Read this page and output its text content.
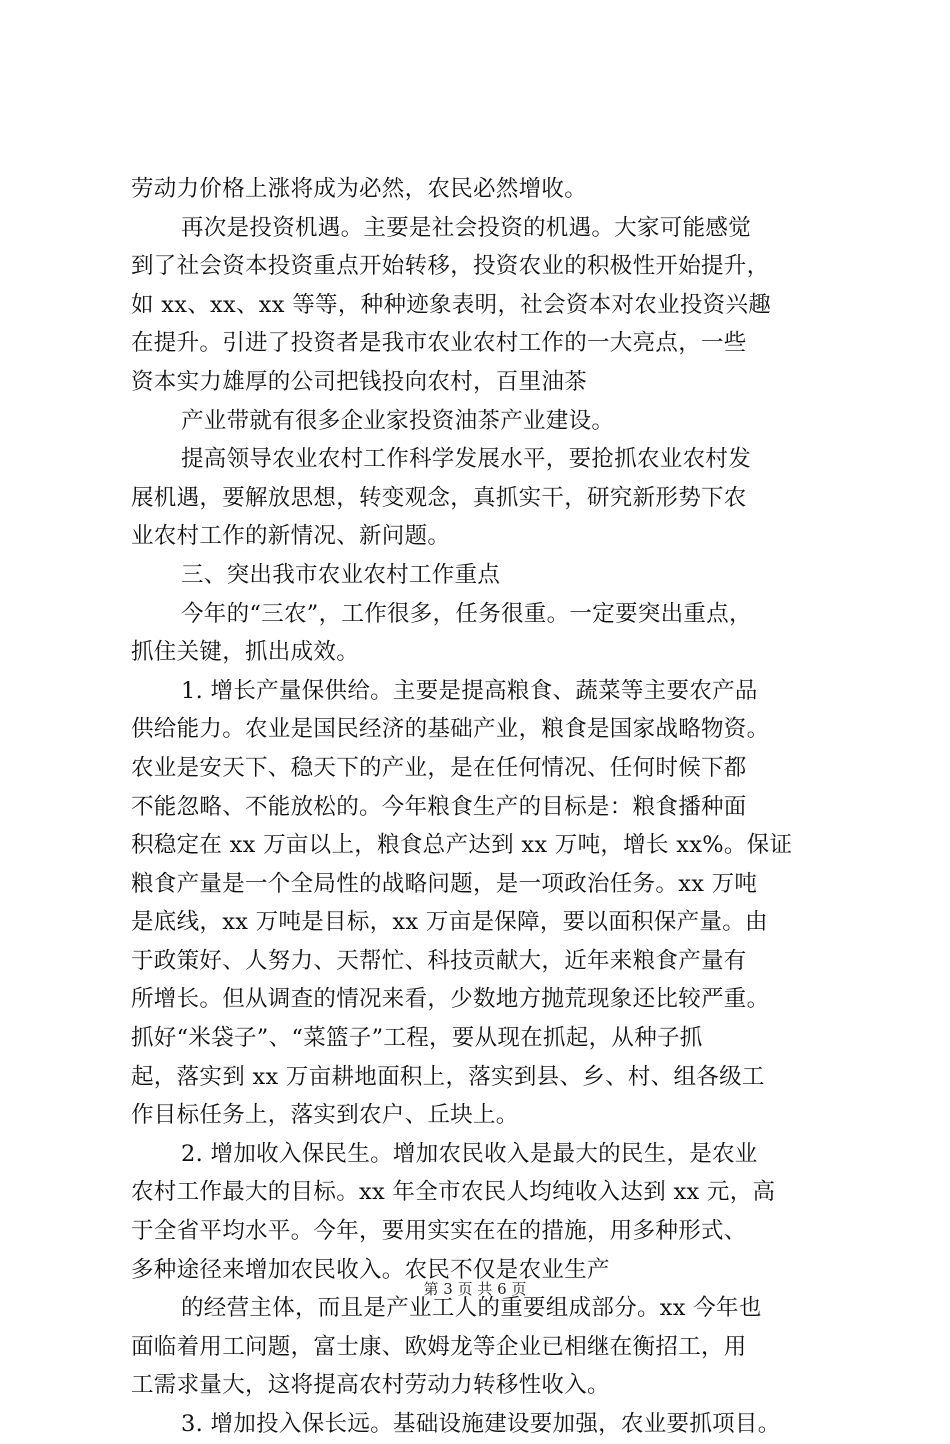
劳动力价格上涨将成为必然，农民必然增收。
再次是投资机遇。主要是社会投资的机遇。大家可能感觉
到了社会资本投资重点开始转移，投资农业的积极性开始提升，
如 xx、xx、xx 等等，种种迹象表明，社会资本对农业投资兴趣
在提升。引进了投资者是我市农业农村工作的一大亮点，一些
资本实力雄厚的公司把钱投向农村，百里油茶
产业带就有很多企业家投资油茶产业建设。
提高领导农业农村工作科学发展水平，要抢抓农业农村发
展机遇，要解放思想，转变观念，真抓实干，研究新形势下农
业农村工作的新情况、新问题。
三、突出我市农业农村工作重点
今年的“三农”，工作很多，任务很重。一定要突出重点，
抓住关键，抓出成效。
1. 增长产量保供给。主要是提高粮食、蔬菜等主要农产品
供给能力。农业是国民经济的基础产业，粮食是国家战略物资。
农业是安天下、稳天下的产业，是在任何情况、任何时候下都
不能忽略、不能放松的。今年粮食生产的目标是：粮食播种面
积稳定在 xx 万亩以上，粮食总产达到 xx 万吨，增长 xx%。保证
粮食产量是一个全局性的战略问题，是一项政治任务。xx 万吨
是底线，xx 万吨是目标，xx 万亩是保障，要以面积保产量。由
于政策好、人努力、天帮忙、科技贡献大，近年来粮食产量有
所增长。但从调查的情况来看，少数地方抛荒现象还比较严重。
抓好“米袋子”、“菜篮子”工程，要从现在抓起，从种子抓
起，落实到 xx 万亩耕地面积上，落实到县、乡、村、组各级工
作目标任务上，落实到农户、丘块上。
2. 增加收入保民生。增加农民收入是最大的民生，是农业
农村工作最大的目标。xx 年全市农民人均纯收入达到 xx 元，高
于全省平均水平。今年，要用实实在在的措施，用多种形式、
多种途径来增加农民收入。农民不仅是农业生产
的经营主体，而且是产业工人的重要组成部分。xx 今年也
面临着用工问题，富士康、欧姆龙等企业已相继在衡招工，用
工需求量大，这将提高农村劳动力转移性收入。
3. 增加投入保长远。基础设施建设要加强，农业要抓项目。
第 3 页 共 6 页
